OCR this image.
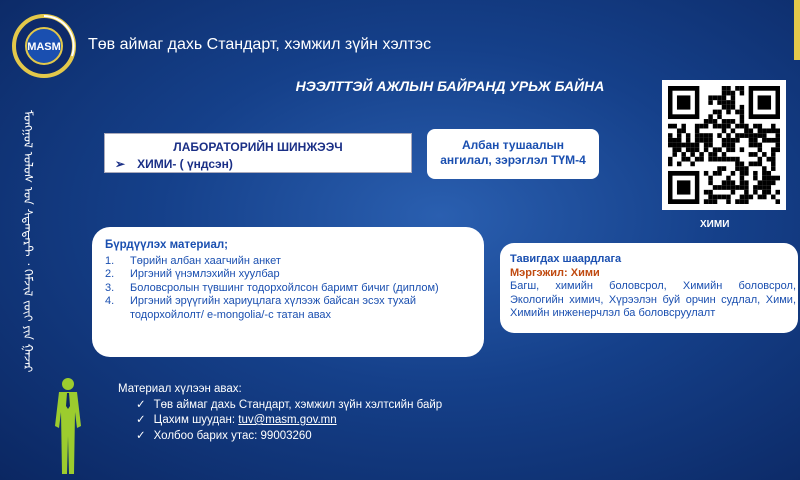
MASM Төв аймаг дахь Стандарт, хэмжил зүйн хэлтэс
ᠮᠣᠩᠭᠣᠯ ᠤᠯᠤᠰ ᠤᠨ ᠰᠲᠠᠨᠳᠠᠷᠲ ᠂ ᠬᠡᠮᠵᠢᠯ ᠵᠦᠢ ᠶᠢᠨ ᠭᠠᠵᠠᠷ
НЭЭЛТТЭЙ АЖЛЫН БАЙРАНД УРЬЖ БАЙНА
ХИМИ
ЛАБОРАТОРИЙН ШИНЖЭЭЧ
➢ ХИМИ- ( үндсэн)
Албан тушаалын
ангилал, зэрэглэл ТҮМ-4
Бүрдүүлэх материал;
1.	Төрийн албан хаагчийн анкет
2.	Иргэний үнэмлэхийн хуулбар
3.	Боловсролын түвшинг тодорхойлсон баримт бичиг (диплом)
4.	Иргэний эрүүгийн хариуцлага хүлээж байсан эсэх тухай тодорхойлолт/ e-mongolia/-с татан авах
Тавигдах шаардлага
Мэргэжил: Хими
Багш, химийн боловсрол, Химийн боловсрол, Экологийн химич, Хүрээлэн буй орчин судлал, Хими, Химийн инженерчлэл ба боловсруулалт
Материал хүлээн авах:
✓ Төв аймаг дахь Стандарт, хэмжил зүйн хэлтсийн байр
✓ Цахим шуудан: tuv@masm.gov.mn
✓ Холбоо барих утас: 99003260
